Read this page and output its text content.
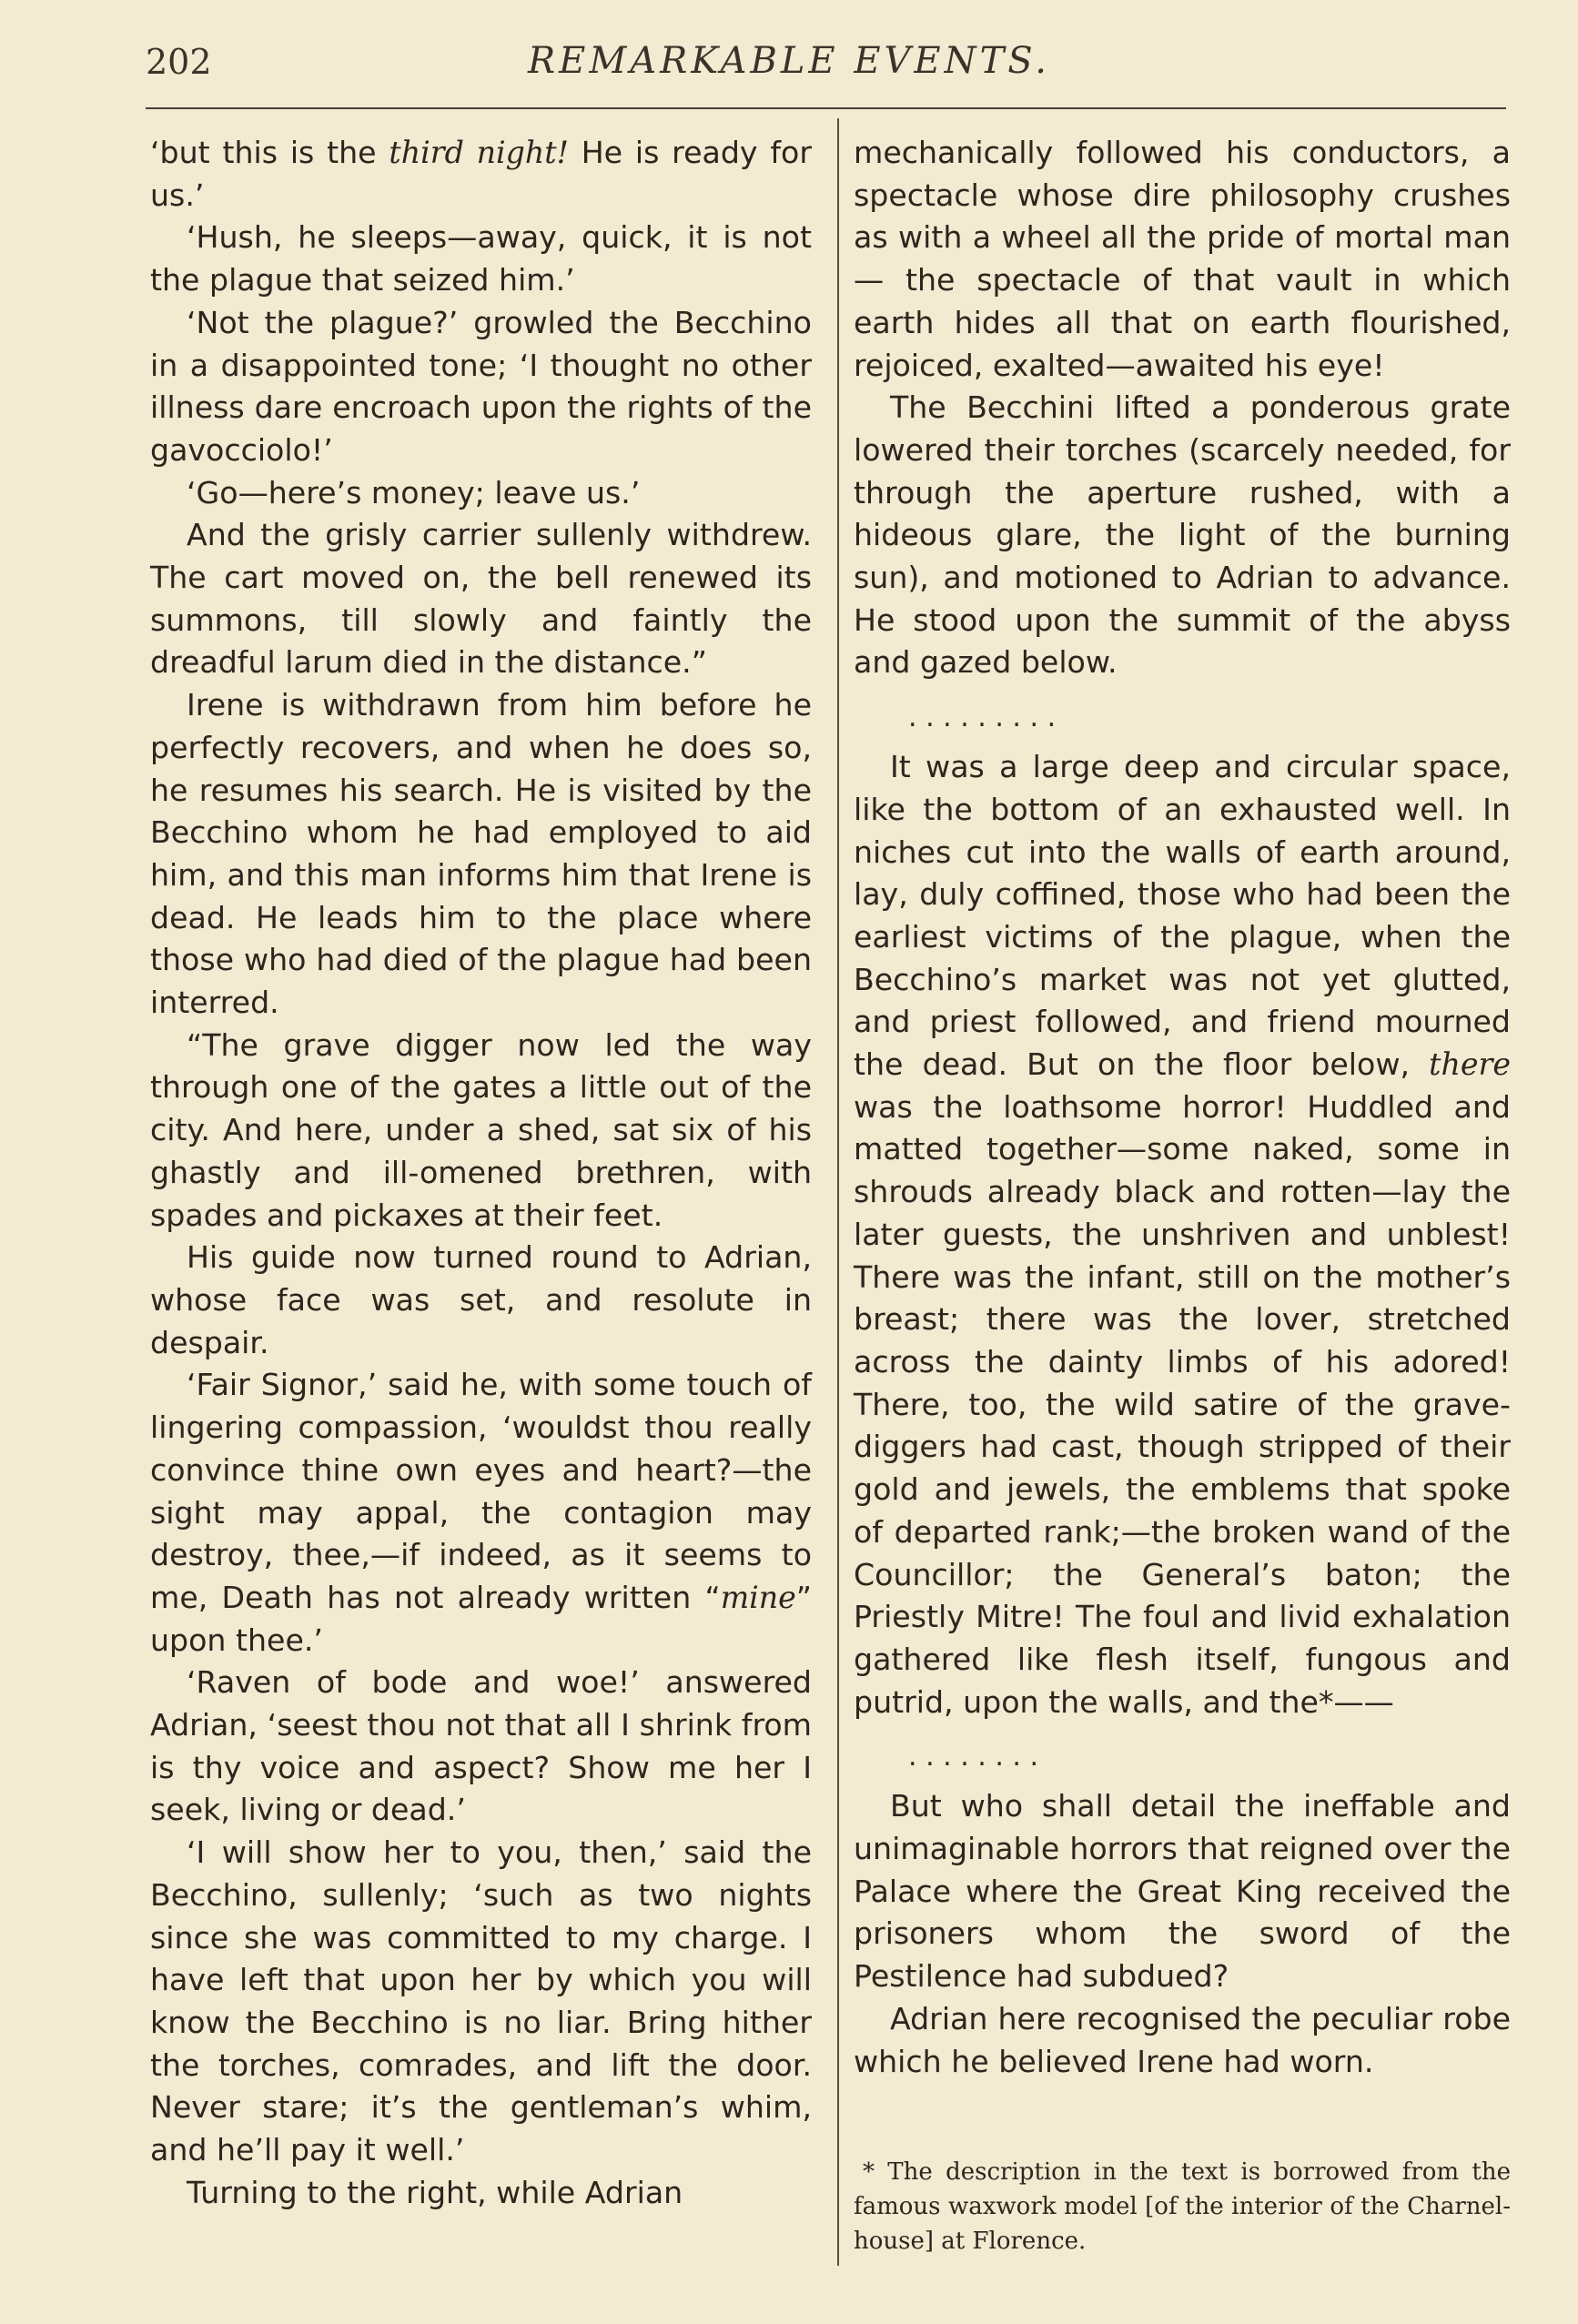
202	REMARKABLE EVENTS.

‘but this is the third night! He is ready for us.’

‘Hush, he sleeps—away, quick, it is not the plague that seized him.’

‘Not the plague?’ growled the Becchino in a disappointed tone; ‘I thought no other illness dare encroach upon the rights of the gavocciolo!’

‘Go—here’s money; leave us.’

And the grisly carrier sullenly withdrew. The cart moved on, the bell renewed its summons, till slowly and faintly the dreadful larum died in the distance.”

Irene is withdrawn from him before he perfectly recovers, and when he does so, he resumes his search. He is visited by the Becchino whom he had employed to aid him, and this man informs him that Irene is dead. He leads him to the place where those who had died of the plague had been interred.

“The grave digger now led the way through one of the gates a little out of the city. And here, under a shed, sat six of his ghastly and ill-omened brethren, with spades and pickaxes at their feet.

His guide now turned round to Adrian, whose face was set, and resolute in despair.

‘Fair Signor,’ said he, with some touch of lingering compassion, ‘wouldst thou really convince thine own eyes and heart?—the sight may appal, the contagion may destroy, thee,—if indeed, as it seems to me, Death has not already written “mine” upon thee.’

‘Raven of bode and woe!’ answered Adrian, ‘seest thou not that all I shrink from is thy voice and aspect? Show me her I seek, living or dead.’

‘I will show her to you, then,’ said the Becchino, sullenly; ‘such as two nights since she was committed to my charge. I have left that upon her by which you will know the Becchino is no liar. Bring hither the torches, comrades, and lift the door. Never stare; it’s the gentleman’s whim, and he’ll pay it well.’

Turning to the right, while Adrian

mechanically followed his conductors, a spectacle whose dire philosophy crushes as with a wheel all the pride of mortal man — the spectacle of that vault in which earth hides all that on earth flourished, rejoiced, exalted—awaited his eye!

The Becchini lifted a ponderous grate lowered their torches (scarcely needed, for through the aperture rushed, with a hideous glare, the light of the burning sun), and motioned to Adrian to advance. He stood upon the summit of the abyss and gazed below.

. . . . . . . . .

It was a large deep and circular space, like the bottom of an exhausted well. In niches cut into the walls of earth around, lay, duly coffined, those who had been the earliest victims of the plague, when the Becchino’s market was not yet glutted, and priest followed, and friend mourned the dead. But on the floor below, there was the loathsome horror! Huddled and matted together—some naked, some in shrouds already black and rotten—lay the later guests, the unshriven and unblest! There was the infant, still on the mother’s breast; there was the lover, stretched across the dainty limbs of his adored! There, too, the wild satire of the grave-diggers had cast, though stripped of their gold and jewels, the emblems that spoke of departed rank;—the broken wand of the Councillor; the General’s baton; the Priestly Mitre! The foul and livid exhalation gathered like flesh itself, fungous and putrid, upon the walls, and the*——

. . . . . . . .

But who shall detail the ineffable and unimaginable horrors that reigned over the Palace where the Great King received the prisoners whom the sword of the Pestilence had subdued?

Adrian here recognised the peculiar robe which he believed Irene had worn.

* The description in the text is borrowed from the famous waxwork model [of the interior of the Charnel-house] at Florence.
